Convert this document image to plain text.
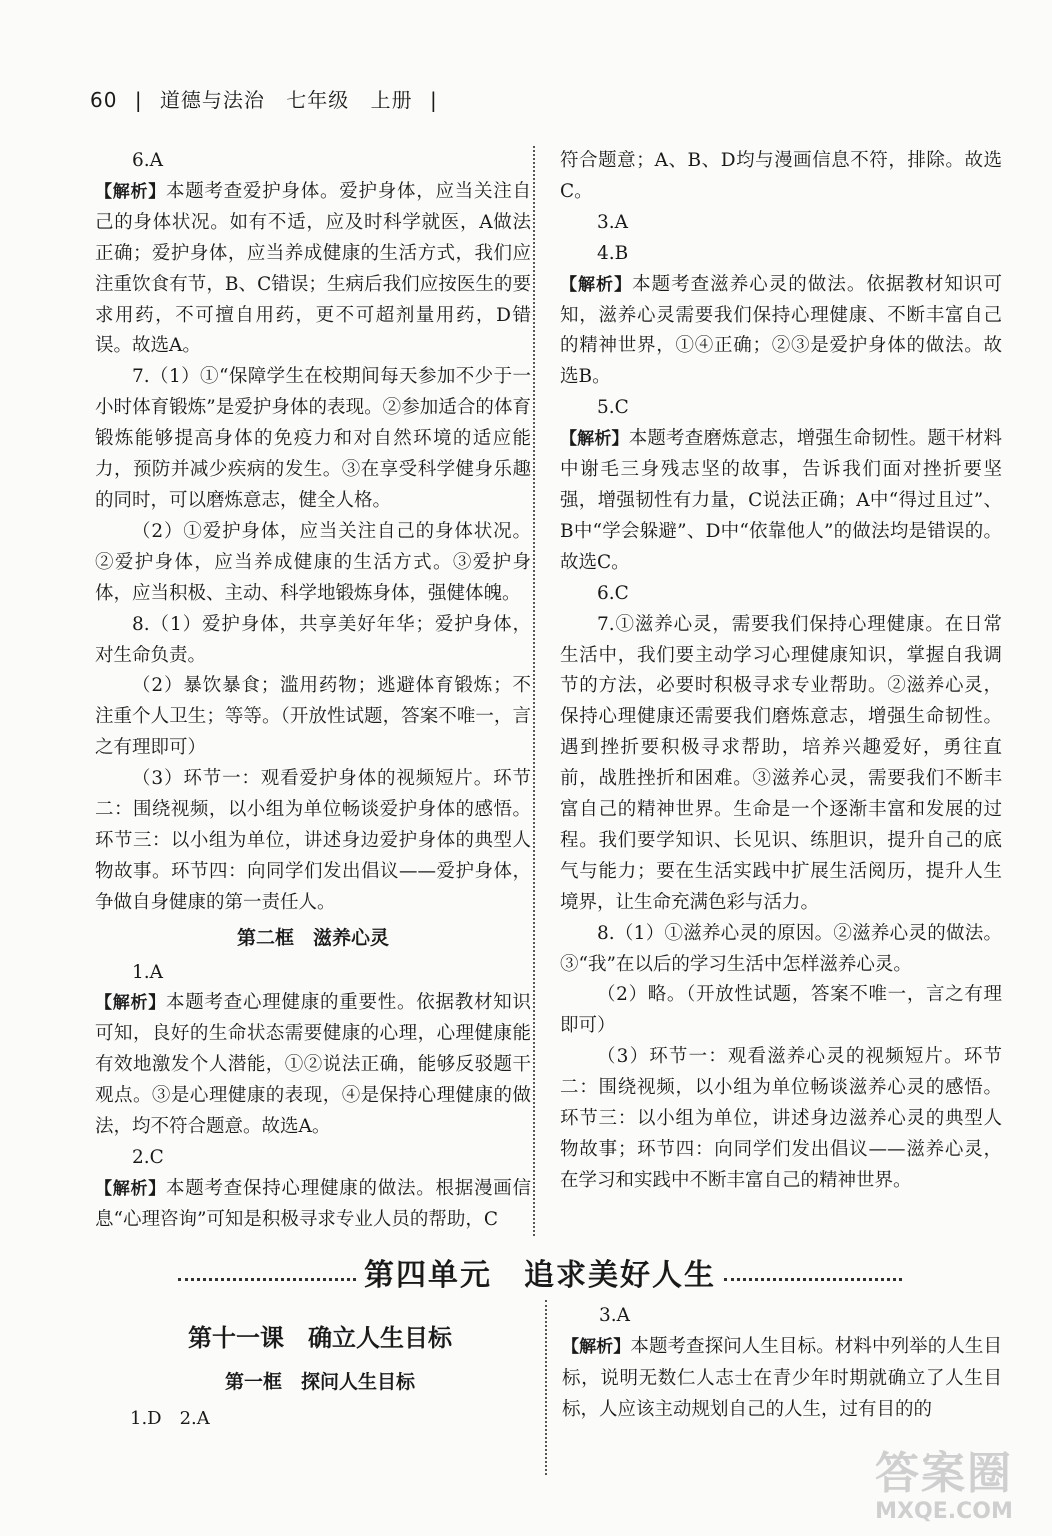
60 | 道德与法治 七年级 上册 |

6.A

【解析】本题考查爱护身体。爱护身体，应当关注自己的身体状况。如有不适，应及时科学就医，A做法正确；爱护身体，应当养成健康的生活方式，我们应注重饮食有节，B、C错误；生病后我们应按医生的要求用药，不可擅自用药，更不可超剂量用药，D错误。故选A。

7.（1）①“保障学生在校期间每天参加不少于一小时体育锻炼”是爱护身体的表现。②参加适合的体育锻炼能够提高身体的免疫力和对自然环境的适应能力，预防并减少疾病的发生。③在享受科学健身乐趣的同时，可以磨炼意志，健全人格。

（2）①爱护身体，应当关注自己的身体状况。②爱护身体，应当养成健康的生活方式。③爱护身体，应当积极、主动、科学地锻炼身体，强健体魄。

8.（1）爱护身体，共享美好年华；爱护身体，对生命负责。

（2）暴饮暴食；滥用药物；逃避体育锻炼；不注重个人卫生；等等。（开放性试题，答案不唯一，言之有理即可）

（3）环节一：观看爱护身体的视频短片。环节二：围绕视频，以小组为单位畅谈爱护身体的感悟。环节三：以小组为单位，讲述身边爱护身体的典型人物故事。环节四：向同学们发出倡议——爱护身体，争做自身健康的第一责任人。

第二框　滋养心灵

1.A

【解析】本题考查心理健康的重要性。依据教材知识可知，良好的生命状态需要健康的心理，心理健康能有效地激发个人潜能，①②说法正确，能够反驳题干观点。③是心理健康的表现，④是保持心理健康的做法，均不符合题意。故选A。

2.C

【解析】本题考查保持心理健康的做法。根据漫画信息“心理咨询”可知是积极寻求专业人员的帮助，C

符合题意；A、B、D均与漫画信息不符，排除。故选C。

3.A

4.B

【解析】本题考查滋养心灵的做法。依据教材知识可知，滋养心灵需要我们保持心理健康、不断丰富自己的精神世界，①④正确；②③是爱护身体的做法。故选B。

5.C

【解析】本题考查磨炼意志，增强生命韧性。题干材料中谢毛三身残志坚的故事，告诉我们面对挫折要坚强，增强韧性有力量，C说法正确；A中“得过且过”、B中“学会躲避”、D中“依靠他人”的做法均是错误的。故选C。

6.C

7.①滋养心灵，需要我们保持心理健康。在日常生活中，我们要主动学习心理健康知识，掌握自我调节的方法，必要时积极寻求专业帮助。②滋养心灵，保持心理健康还需要我们磨炼意志，增强生命韧性。遇到挫折要积极寻求帮助，培养兴趣爱好，勇往直前，战胜挫折和困难。③滋养心灵，需要我们不断丰富自己的精神世界。生命是一个逐渐丰富和发展的过程。我们要学知识、长见识、练胆识，提升自己的底气与能力；要在生活实践中扩展生活阅历，提升人生境界，让生命充满色彩与活力。

8.（1）①滋养心灵的原因。②滋养心灵的做法。③“我”在以后的学习生活中怎样滋养心灵。

（2）略。（开放性试题，答案不唯一，言之有理即可）

（3）环节一：观看滋养心灵的视频短片。环节二：围绕视频，以小组为单位畅谈滋养心灵的感悟。环节三：以小组为单位，讲述身边滋养心灵的典型人物故事；环节四：向同学们发出倡议——滋养心灵，在学习和实践中不断丰富自己的精神世界。

第四单元　追求美好人生
第十一课　确立人生目标
第一框　探问人生目标
1.D　2.A

3.A

【解析】本题考查探问人生目标。材料中列举的人生目标，说明无数仁人志士在青少年时期就确立了人生目标，人应该主动规划自己的人生，过有目的的

答案圈
MXQE.COM
